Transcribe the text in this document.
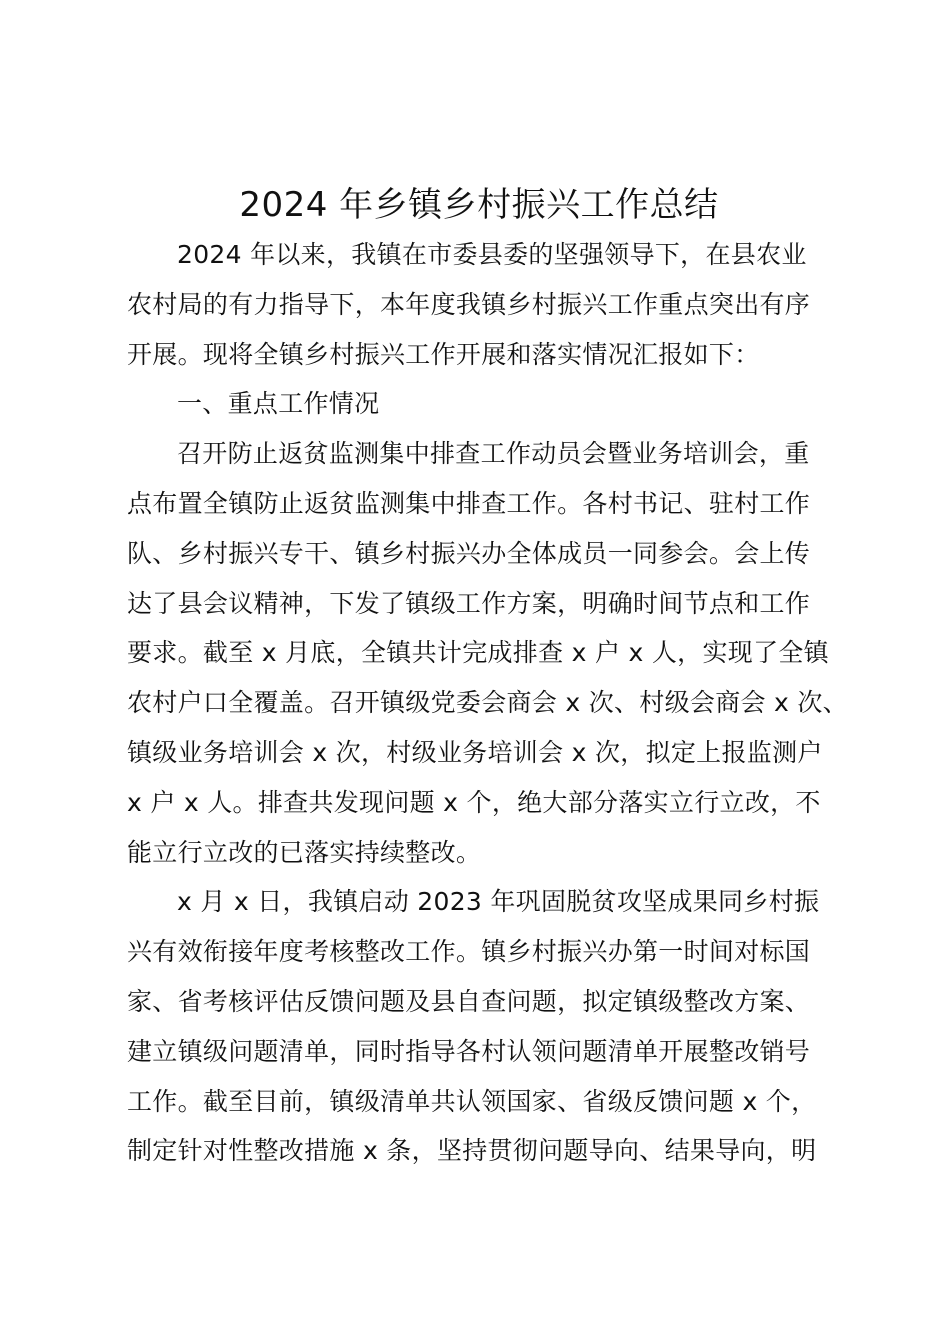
2024 年乡镇乡村振兴工作总结
2024 年以来，我镇在市委县委的坚强领导下，在县农业
农村局的有力指导下，本年度我镇乡村振兴工作重点突出有序
开展。现将全镇乡村振兴工作开展和落实情况汇报如下：
一、重点工作情况
召开防止返贫监测集中排查工作动员会暨业务培训会，重
点布置全镇防止返贫监测集中排查工作。各村书记、驻村工作
队、乡村振兴专干、镇乡村振兴办全体成员一同参会。会上传
达了县会议精神，下发了镇级工作方案，明确时间节点和工作
要求。截至 x 月底，全镇共计完成排查 x 户 x 人，实现了全镇
农村户口全覆盖。召开镇级党委会商会 x 次、村级会商会 x 次、
镇级业务培训会 x 次，村级业务培训会 x 次，拟定上报监测户
x 户 x 人。排查共发现问题 x 个，绝大部分落实立行立改，不
能立行立改的已落实持续整改。
x 月 x 日，我镇启动 2023 年巩固脱贫攻坚成果同乡村振
兴有效衔接年度考核整改工作。镇乡村振兴办第一时间对标国
家、省考核评估反馈问题及县自查问题，拟定镇级整改方案、
建立镇级问题清单，同时指导各村认领问题清单开展整改销号
工作。截至目前，镇级清单共认领国家、省级反馈问题 x 个，
制定针对性整改措施 x 条，坚持贯彻问题导向、结果导向，明
